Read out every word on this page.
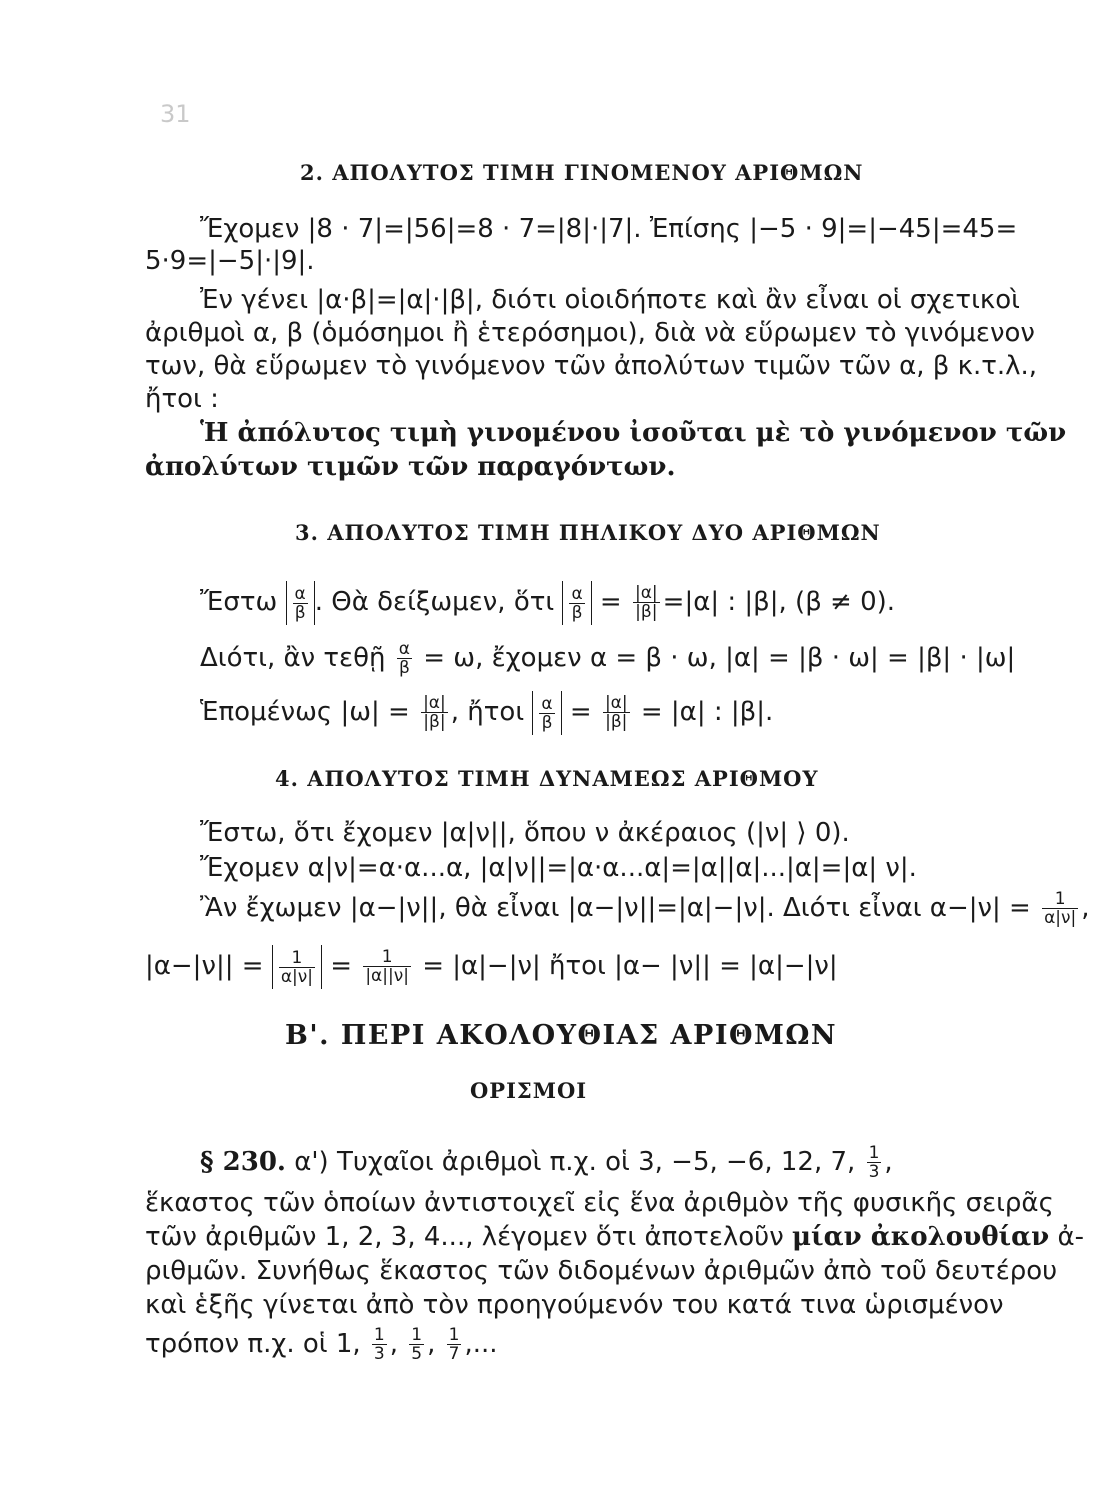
31
2. ΑΠΟΛΥΤΟΣ ΤΙΜΗ ΓΙΝΟΜΕΝΟΥ ΑΡΙΘΜΩΝ
Ἔχομεν |8 · 7|=|56|=8 · 7=|8|·|7|. Ἐπίσης |−5 · 9|=|−45|=45=
5·9=|−5|·|9|.
Ἐν γένει |α·β|=|α|·|β|, διότι οἱοιδήποτε καὶ ἂν εἶναι οἱ σχετικοὶ
ἀριθμοὶ α, β (ὁμόσημοι ἢ ἑτερόσημοι), διὰ νὰ εὕρωμεν τὸ γινόμενον
των, θὰ εὕρωμεν τὸ γινόμενον τῶν ἀπολύτων τιμῶν τῶν α, β κ.τ.λ.,
ἤτοι :
Ἡ ἀπόλυτος τιμὴ γινομένου ἰσοῦται μὲ τὸ γινόμενον τῶν
ἀπολύτων τιμῶν τῶν παραγόντων.
3. ΑΠΟΛΥΤΟΣ ΤΙΜΗ ΠΗΛΙΚΟΥ ΔΥΟ ΑΡΙΘΜΩΝ
Ἔστω $\frac{\alpha}{\beta}$ . Θὰ δείξωμεν, ὅτι $\frac{\alpha}{\beta} = \frac{|\alpha|}{|\beta|} =|\alpha|$ : |β|, (β ≠ 0).
Διότι, ἂν τεθῇ $\frac{\alpha}{\beta} = \omega$, ἔχομεν α = β · ω, |α| = |β · ω| = |β| · |ω|
Ἑπομένως $|\omega| = \frac{|\alpha|}{|\beta|}$ , ἤτοι $\frac{\alpha}{\beta} = \frac{|\alpha|}{|\beta|} = |\alpha|$ : |β|.
4. ΑΠΟΛΥΤΟΣ ΤΙΜΗ ΔΥΝΑΜΕΩΣ ΑΡΙΘΜΟΥ
Ἔστω, ὅτι ἔχομεν |α|ν||, ὅπου ν ἀκέραιος (|ν| ⟩ 0).
Ἔχομεν α|ν|=α·α...α, |α|ν||=|α·α...α|=|α||α|...|α|=|α| ν|.
Ἂν ἔχωμεν |α−|ν||, θὰ εἶναι |α−|ν||=|α|−|ν|. Διότι εἶναι $\alpha-|\nu| = \frac{1}{\alpha|\nu|}$ ,
$|\alpha-|\nu|| = \frac{1}{\alpha|\nu|} = \frac{1}{|\alpha||\nu|} = |\alpha|-|\nu|$ ἤτοι |α− |ν|| = |α|−|ν|
Β'. ΠΕΡΙ ΑΚΟΛΟΥΘΙΑΣ ΑΡΙΘΜΩΝ
ΟΡΙΣΜΟΙ
§ 230. α') Τυχαῖοι ἀριθμοὶ π.χ. οἱ 3, −5, −6, 12, 7, $\frac{1}{3}$ ,
ἕκαστος τῶν ὁποίων ἀντιστοιχεῖ εἰς ἕνα ἀριθμὸν τῆς φυσικῆς σειρᾶς
τῶν ἀριθμῶν 1, 2, 3, 4..., λέγομεν ὅτι ἀποτελοῦν μίαν ἀκολουθίαν ἀ-
ριθμῶν. Συνήθως ἕκαστος τῶν διδομένων ἀριθμῶν ἀπὸ τοῦ δευτέρου
καὶ ἑξῆς γίνεται ἀπὸ τὸν προηγούμενόν του κατά τινα ὡρισμένον
τρόπον π.χ. οἱ 1, $\frac{1}{3}$ , $\frac{1}{5}$ , $\frac{1}{7}$ ,...
